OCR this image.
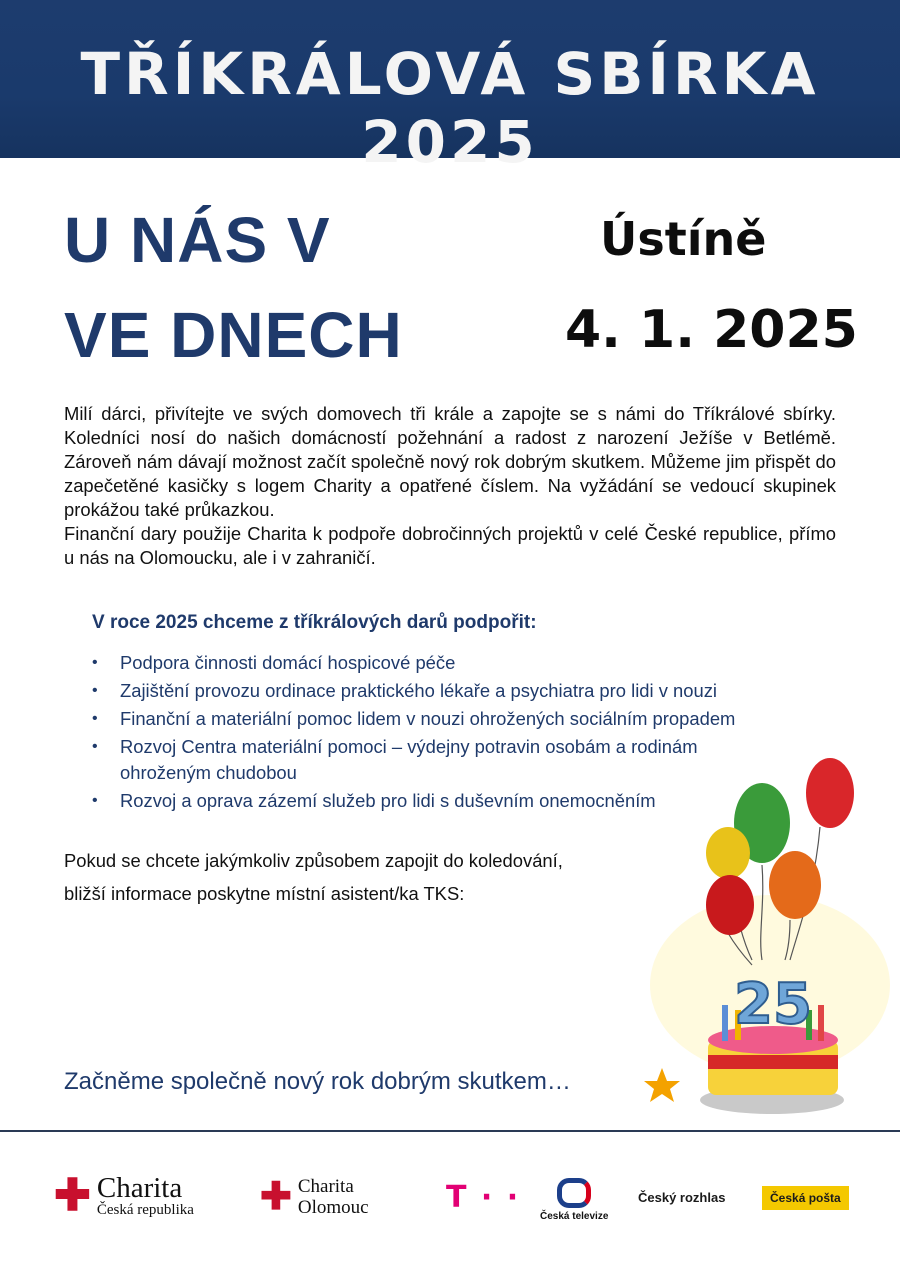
TŘÍKRÁLOVÁ SBÍRKA 2025
U NÁS V
VE DNECH
Ústíně
4. 1. 2025

Milí dárci, přivítejte ve svých domovech tři krále a zapojte se s námi do Tříkrálové sbírky. Koledníci nosí do našich domácností požehnání a radost z narození Ježíše v Betlémě. Zároveň nám dávají možnost začít společně nový rok dobrým skutkem. Můžeme jim přispět do zapečetěné kasičky s logem Charity a opatřené číslem. Na vyžádání se vedoucí skupinek prokážou také průkazkou.

Finanční dary použije Charita k podpoře dobročinných projektů v celé České republice, přímo u nás na Olomoucku, ale i v zahraničí.

V roce 2025 chceme z tříkrálových darů podpořit:
• Podpora činnosti domácí hospicové péče
• Zajištění provozu ordinace praktického lékaře a psychiatra pro lidi v nouzi
• Finanční a materiální pomoc lidem v nouzi ohrožených sociálním propadem
• Rozvoj Centra materiální pomoci – výdejny potravin osobám a rodinám ohroženým chudobou
• Rozvoj a oprava zázemí služeb pro lidi s duševním onemocněním
Pokud se chcete jakýmkoliv způsobem zapojit do koledování,
bližší informace poskytne místní asistent/ka TKS:
25
Začněme společně nový rok dobrým skutkem…
✚ Charita
Česká republika ✚ Charita
Olomouc	T · ·
Česká televize
Český rozhlas	Česká pošta
